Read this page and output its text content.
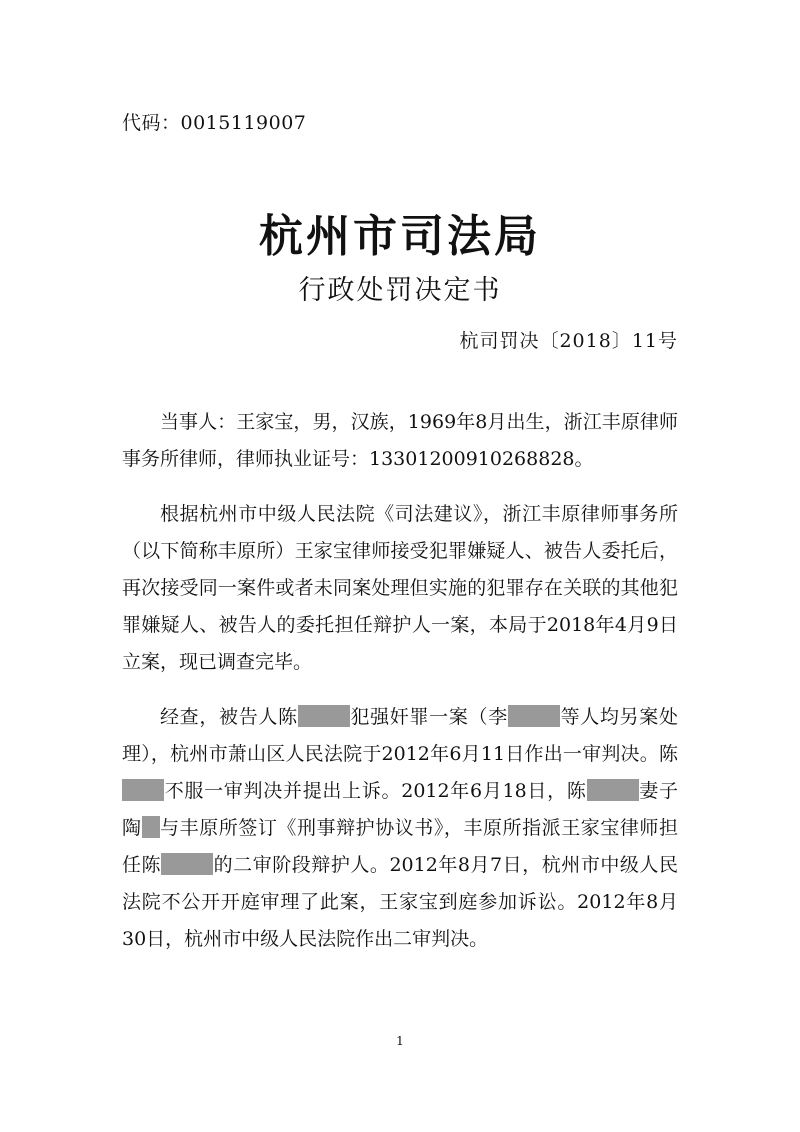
代码：0015119007
杭州市司法局
行政处罚决定书
杭司罚决〔2018〕11号

当事人：王家宝，男，汉族，1969年8月出生，浙江丰原律师事务所律师，律师执业证号：13301200910268828。

根据杭州市中级人民法院《司法建议》，浙江丰原律师事务所（以下简称丰原所）王家宝律师接受犯罪嫌疑人、被告人委托后，再次接受同一案件或者未同案处理但实施的犯罪存在关联的其他犯罪嫌疑人、被告人的委托担任辩护人一案，本局于2018年4月9日立案，现已调查完毕。

经查，被告人陈	犯强奸罪一案（李	等人均另案处理），杭州市萧山区人民法院于2012年6月11日作出一审判决。陈不服一审判决并提出上诉。2012年6月18日，陈	妻子陶 与丰原所签订《刑事辩护协议书》，丰原所指派王家宝律师担任陈	的二审阶段辩护人。2012年8月7日，杭州市中级人民法院不公开开庭审理了此案，王家宝到庭参加诉讼。2012年8月30日，杭州市中级人民法院作出二审判决。

1
